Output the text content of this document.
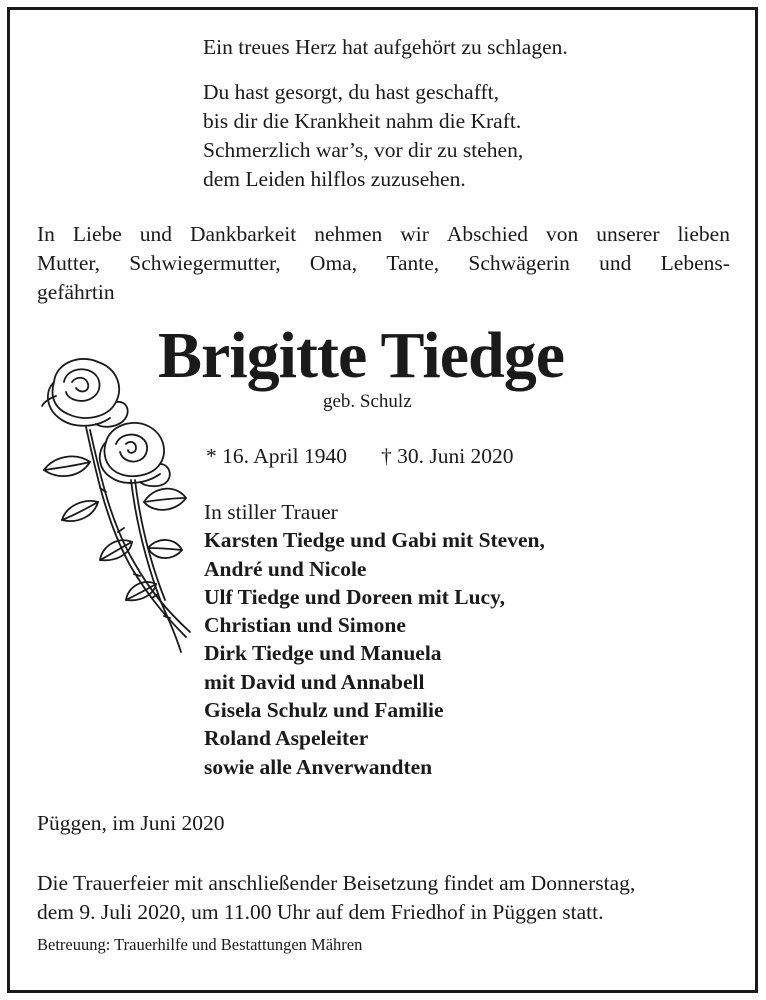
Ein treues Herz hat aufgehört zu schlagen.
Du hast gesorgt, du hast geschafft,
bis dir die Krankheit nahm die Kraft.
Schmerzlich war’s, vor dir zu stehen,
dem Leiden hilflos zuzusehen.
In Liebe und Dankbarkeit nehmen wir Abschied von unserer lieben
Mutter, Schwiegermutter, Oma, Tante, Schwägerin und Lebens-
gefährtin
Brigitte Tiedge
geb. Schulz
* 16. April 1940 † 30. Juni 2020
In stiller Trauer
Karsten Tiedge und Gabi mit Steven,
André und Nicole
Ulf Tiedge und Doreen mit Lucy,
Christian und Simone
Dirk Tiedge und Manuela
mit David und Annabell
Gisela Schulz und Familie
Roland Aspeleiter
sowie alle Anverwandten
Püggen, im Juni 2020
Die Trauerfeier mit anschließender Beisetzung findet am Donnerstag,
dem 9. Juli 2020, um 11.00 Uhr auf dem Friedhof in Püggen statt.
Betreuung: Trauerhilfe und Bestattungen Mähren
